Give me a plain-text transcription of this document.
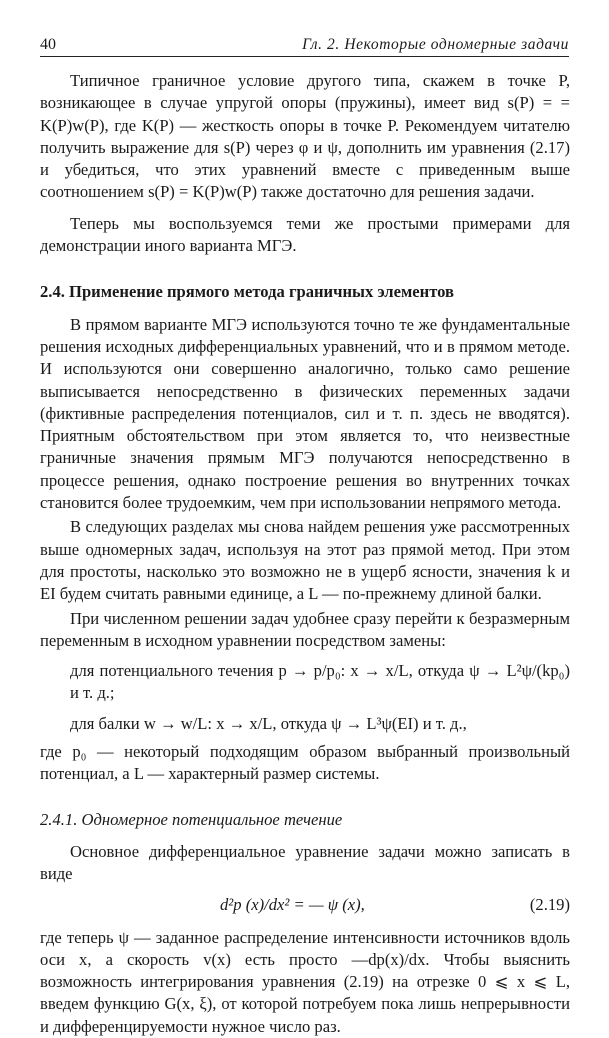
40	Гл. 2. Некоторые одномерные задачи

Типичное граничное условие другого типа, скажем в точке P, возникающее в случае упругой опоры (пружины), имеет вид s(P) = = K(P)w(P), где K(P) — жесткость опоры в точке P. Рекомендуем читателю получить выражение для s(P) через φ и ψ, дополнить им уравнения (2.17) и убедиться, что этих уравнений вместе с приведенным выше соотношением s(P) = K(P)w(P) также достаточно для решения задачи.

Теперь мы воспользуемся теми же простыми примерами для демонстрации иного варианта МГЭ.

2.4. Применение прямого метода граничных элементов

В прямом варианте МГЭ используются точно те же фундаментальные решения исходных дифференциальных уравнений, что и в прямом методе. И используются они совершенно аналогично, только само решение выписывается непосредственно в физических переменных задачи (фиктивные распределения потенциалов, сил и т. п. здесь не вводятся). Приятным обстоятельством при этом является то, что неизвестные граничные значения прямым МГЭ получаются непосредственно в процессе решения, однако построение решения во внутренних точках становится более трудоемким, чем при использовании непрямого метода.

В следующих разделах мы снова найдем решения уже рассмотренных выше одномерных задач, используя на этот раз прямой метод. При этом для простоты, насколько это возможно не в ущерб ясности, значения k и EI будем считать равными единице, а L — по-прежнему длиной балки.

При численном решении задач удобнее сразу перейти к безразмерным переменным в исходном уравнении посредством замены:

для потенциального течения p → p/p₀: x → x/L, откуда ψ → L²ψ/(kp₀) и т. д.;

для балки w → w/L: x → x/L, откуда ψ → L³ψ(EI) и т. д.,

где p₀ — некоторый подходящим образом выбранный произвольный потенциал, а L — характерный размер системы.

2.4.1. Одномерное потенциальное течение

Основное дифференциальное уравнение задачи можно записать в виде

d²p (x)/dx² = — ψ (x),	(2.19)

где теперь ψ — заданное распределение интенсивности источников вдоль оси x, а скорость v(x) есть просто —dp(x)/dx. Чтобы выяснить возможность интегрирования уравнения (2.19) на отрезке 0 ⩽ x ⩽ L, введем функцию G(x, ξ), от которой потребуем пока лишь непрерывности и дифференцируемости нужное число раз.
